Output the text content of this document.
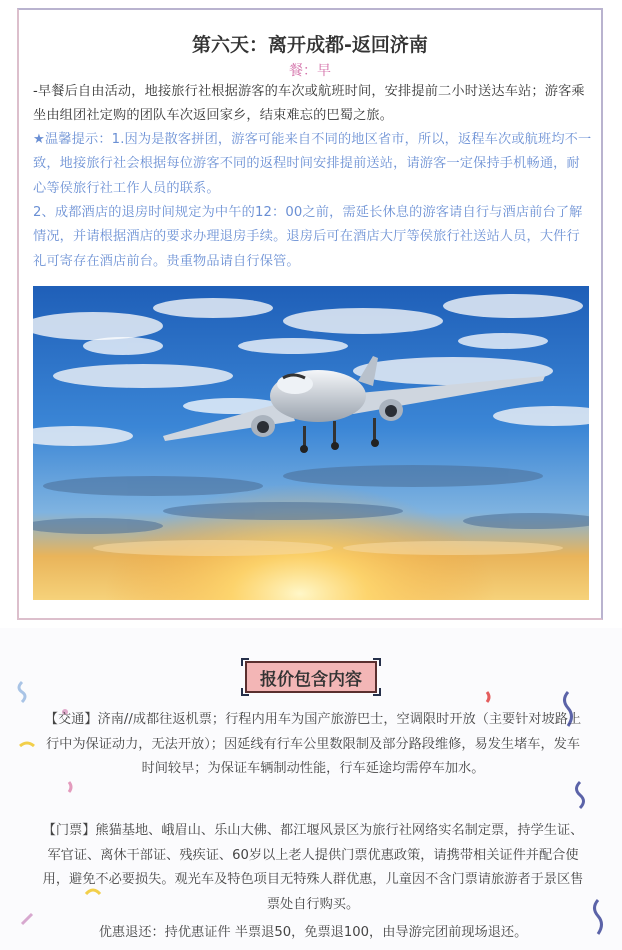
第六天：离开成都-返回济南
餐：早
-早餐后自由活动，地接旅行社根据游客的车次或航班时间，安排提前二小时送达车站；游客乘坐由组团社定购的团队车次返回家乡，结束难忘的巴蜀之旅。
★温馨提示：1.因为是散客拼团，游客可能来自不同的地区省市，所以，返程车次或航班均不一致，地接旅行社会根据每位游客不同的返程时间安排提前送站，请游客一定保持手机畅通，耐心等侯旅行社工作人员的联系。
2、成都酒店的退房时间规定为中午的12：00之前，需延长休息的游客请自行与酒店前台了解情况，并请根据酒店的要求办理退房手续。退房后可在酒店大厅等侯旅行社送站人员，大件行礼可寄存在酒店前台。贵重物品请自行保管。
报价包含内容
【交通】济南//成都往返机票；行程内用车为国产旅游巴士，空调限时开放（主要针对坡路上行中为保证动力，无法开放）；因延线有行车公里数限制及部分路段维修，易发生堵车，发车时间较早；为保证车辆制动性能，行车延途均需停车加水。
【门票】熊猫基地、峨眉山、乐山大佛、都江堰风景区为旅行社网络实名制定票，持学生证、军官证、离休干部证、残疾证、60岁以上老人提供门票优惠政策，请携带相关证件并配合使用，避免不必要损失。观光车及特色项目无特殊人群优惠，儿童因不含门票请旅游者于景区售票处自行购买。
优惠退还：持优惠证件 半票退50，免票退100，由导游完团前现场退还。
